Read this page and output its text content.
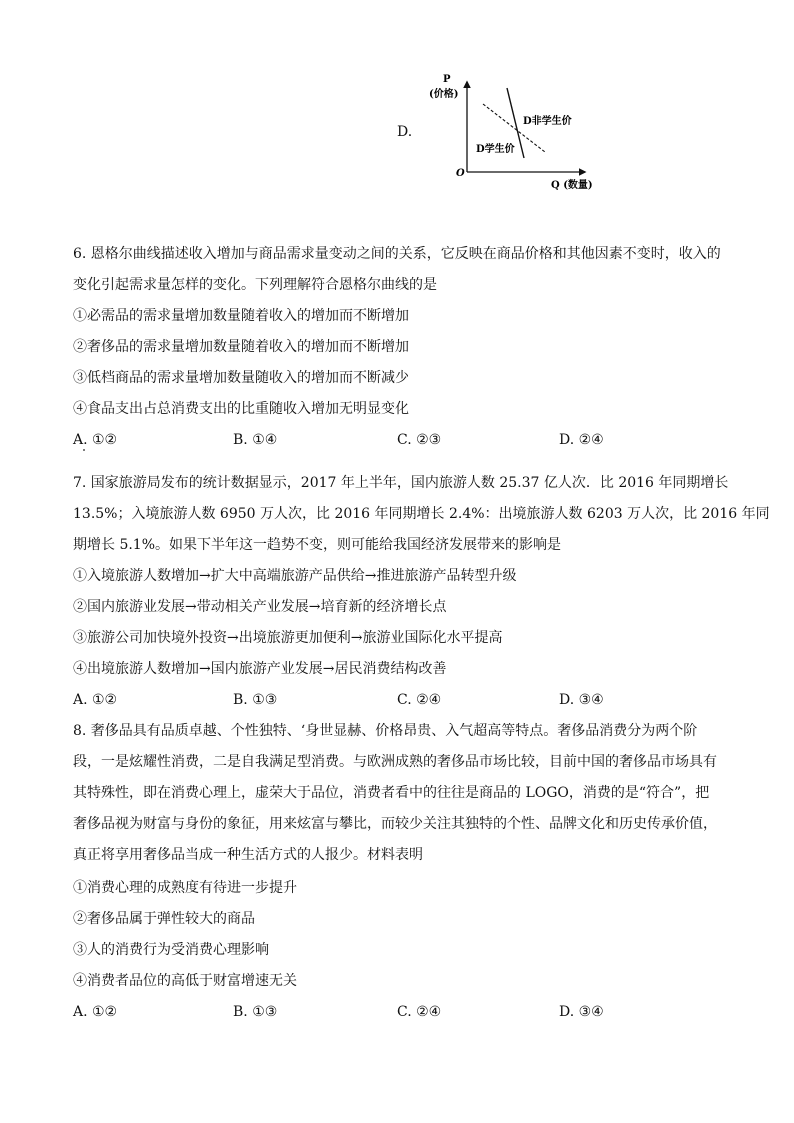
D.
P
(价格)
Q (数量)
O
D非学生价
D学生价
6. 恩格尔曲线描述收入增加与商品需求量变动之间的关系，它反映在商品价格和其他因素不变时，收入的
变化引起需求量怎样的变化。下列理解符合恩格尔曲线的是
①必需品的需求量增加数量随着收入的增加而不断增加
②奢侈品的需求量增加数量随着收入的增加而不断增加
③低档商品的需求量增加数量随收入的增加而不断减少
④食品支出占总消费支出的比重随收入增加无明显变化
A. ①②	B. ①④	C. ②③	D. ②④
7. 国家旅游局发布的统计数据显示，2017 年上半年，国内旅游人数 25.37 亿人次．比 2016 年同期增长
13.5%；入境旅游人数 6950 万人次，比 2016 年同期增长 2.4%：出境旅游人数 6203 万人次，比 2016 年同
期增长 5.1%。如果下半年这一趋势不变，则可能给我国经济发展带来的影响是
①入境旅游人数增加→扩大中高端旅游产品供给→推进旅游产品转型升级
②国内旅游业发展→带动相关产业发展→培育新的经济增长点
③旅游公司加快境外投资→出境旅游更加便利→旅游业国际化水平提高
④出境旅游人数增加→国内旅游产业发展→居民消费结构改善
A. ①②	B. ①③	C. ②④	D. ③④
8. 奢侈品具有品质卓越、个性独特、‘身世显赫、价格昂贵、入气超高等特点。奢侈品消费分为两个阶
段，一是炫耀性消费，二是自我满足型消费。与欧洲成熟的奢侈品市场比较，目前中国的奢侈品市场具有
其特殊性，即在消费心理上，虚荣大于品位，消费者看中的往往是商品的 LOGO，消费的是“符合”，把
奢侈品视为财富与身份的象征，用来炫富与攀比，而较少关注其独特的个性、品牌文化和历史传承价值，
真正将享用奢侈品当成一种生活方式的人报少。材料表明
①消费心理的成熟度有待进一步提升
②奢侈品属于弹性较大的商品
③人的消费行为受消费心理影响
④消费者品位的高低于财富增速无关
A. ①②	B. ①③	C. ②④	D. ③④
